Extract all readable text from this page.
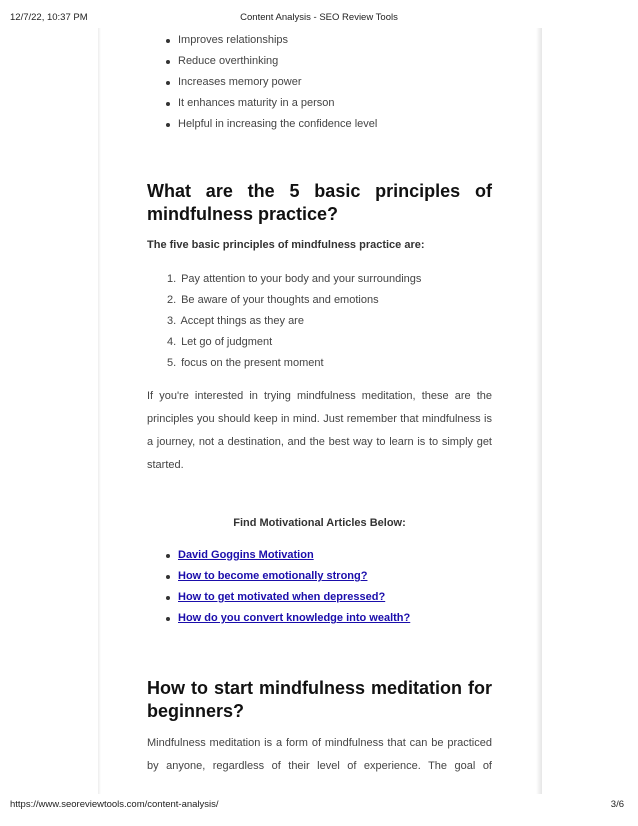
Content Analysis - SEO Review Tools
12/7/22, 10:37 PM
Improves relationships
Reduce overthinking
Increases memory power
It enhances maturity in a person
Helpful in increasing the confidence level
What are the 5 basic principles of
mindfulness practice?
The five basic principles of mindfulness practice are:
1. Pay attention to your body and your surroundings
2. Be aware of your thoughts and emotions
3. Accept things as they are
4. Let go of judgment
5. focus on the present moment

If you're interested in trying mindfulness meditation, these are the principles you should keep in mind. Just remember that mindfulness is a journey, not a destination, and the best way to learn is to simply get started.

Find Motivational Articles Below:
David Goggins Motivation
How to become emotionally strong?
How to get motivated when depressed?
How do you convert knowledge into wealth?
How to start mindfulness meditation for
beginners?

Mindfulness meditation is a form of mindfulness that can be practiced by anyone, regardless of their level of experience. The goal of

https://www.seoreviewtools.com/content-analysis/	3/6
